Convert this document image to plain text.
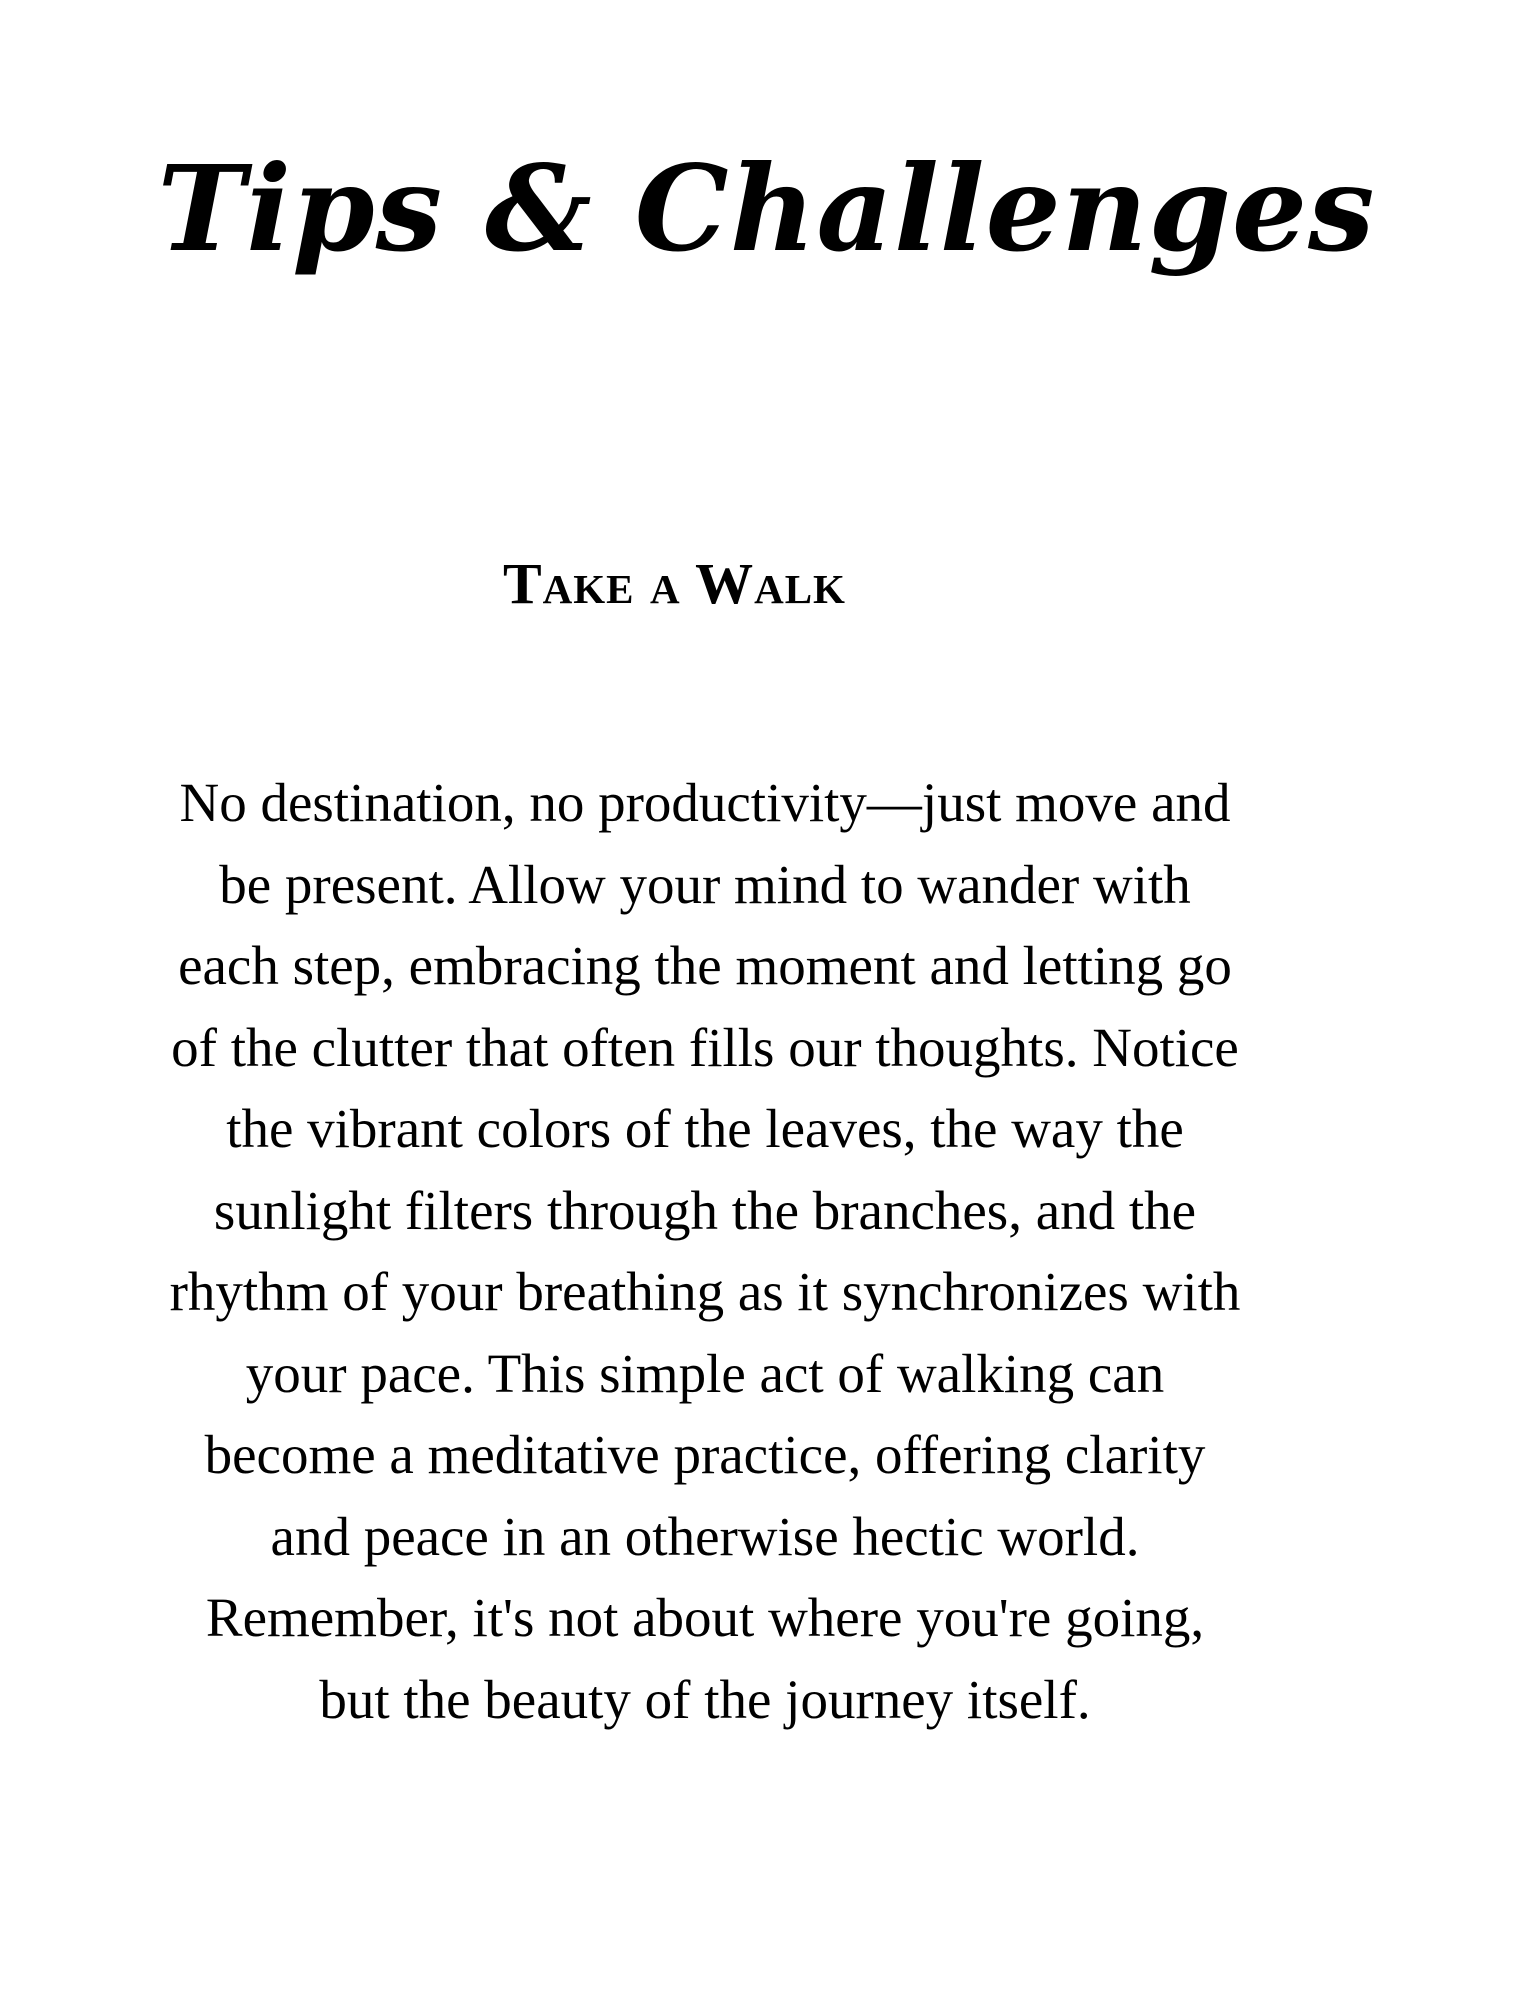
Tips & Challenges
Take a Walk
No destination, no productivity—just move and
be present. Allow your mind to wander with
each step, embracing the moment and letting go
of the clutter that often fills our thoughts. Notice
the vibrant colors of the leaves, the way the
sunlight filters through the branches, and the
rhythm of your breathing as it synchronizes with
your pace. This simple act of walking can
become a meditative practice, offering clarity
and peace in an otherwise hectic world.
Remember, it's not about where you're going,
but the beauty of the journey itself.
